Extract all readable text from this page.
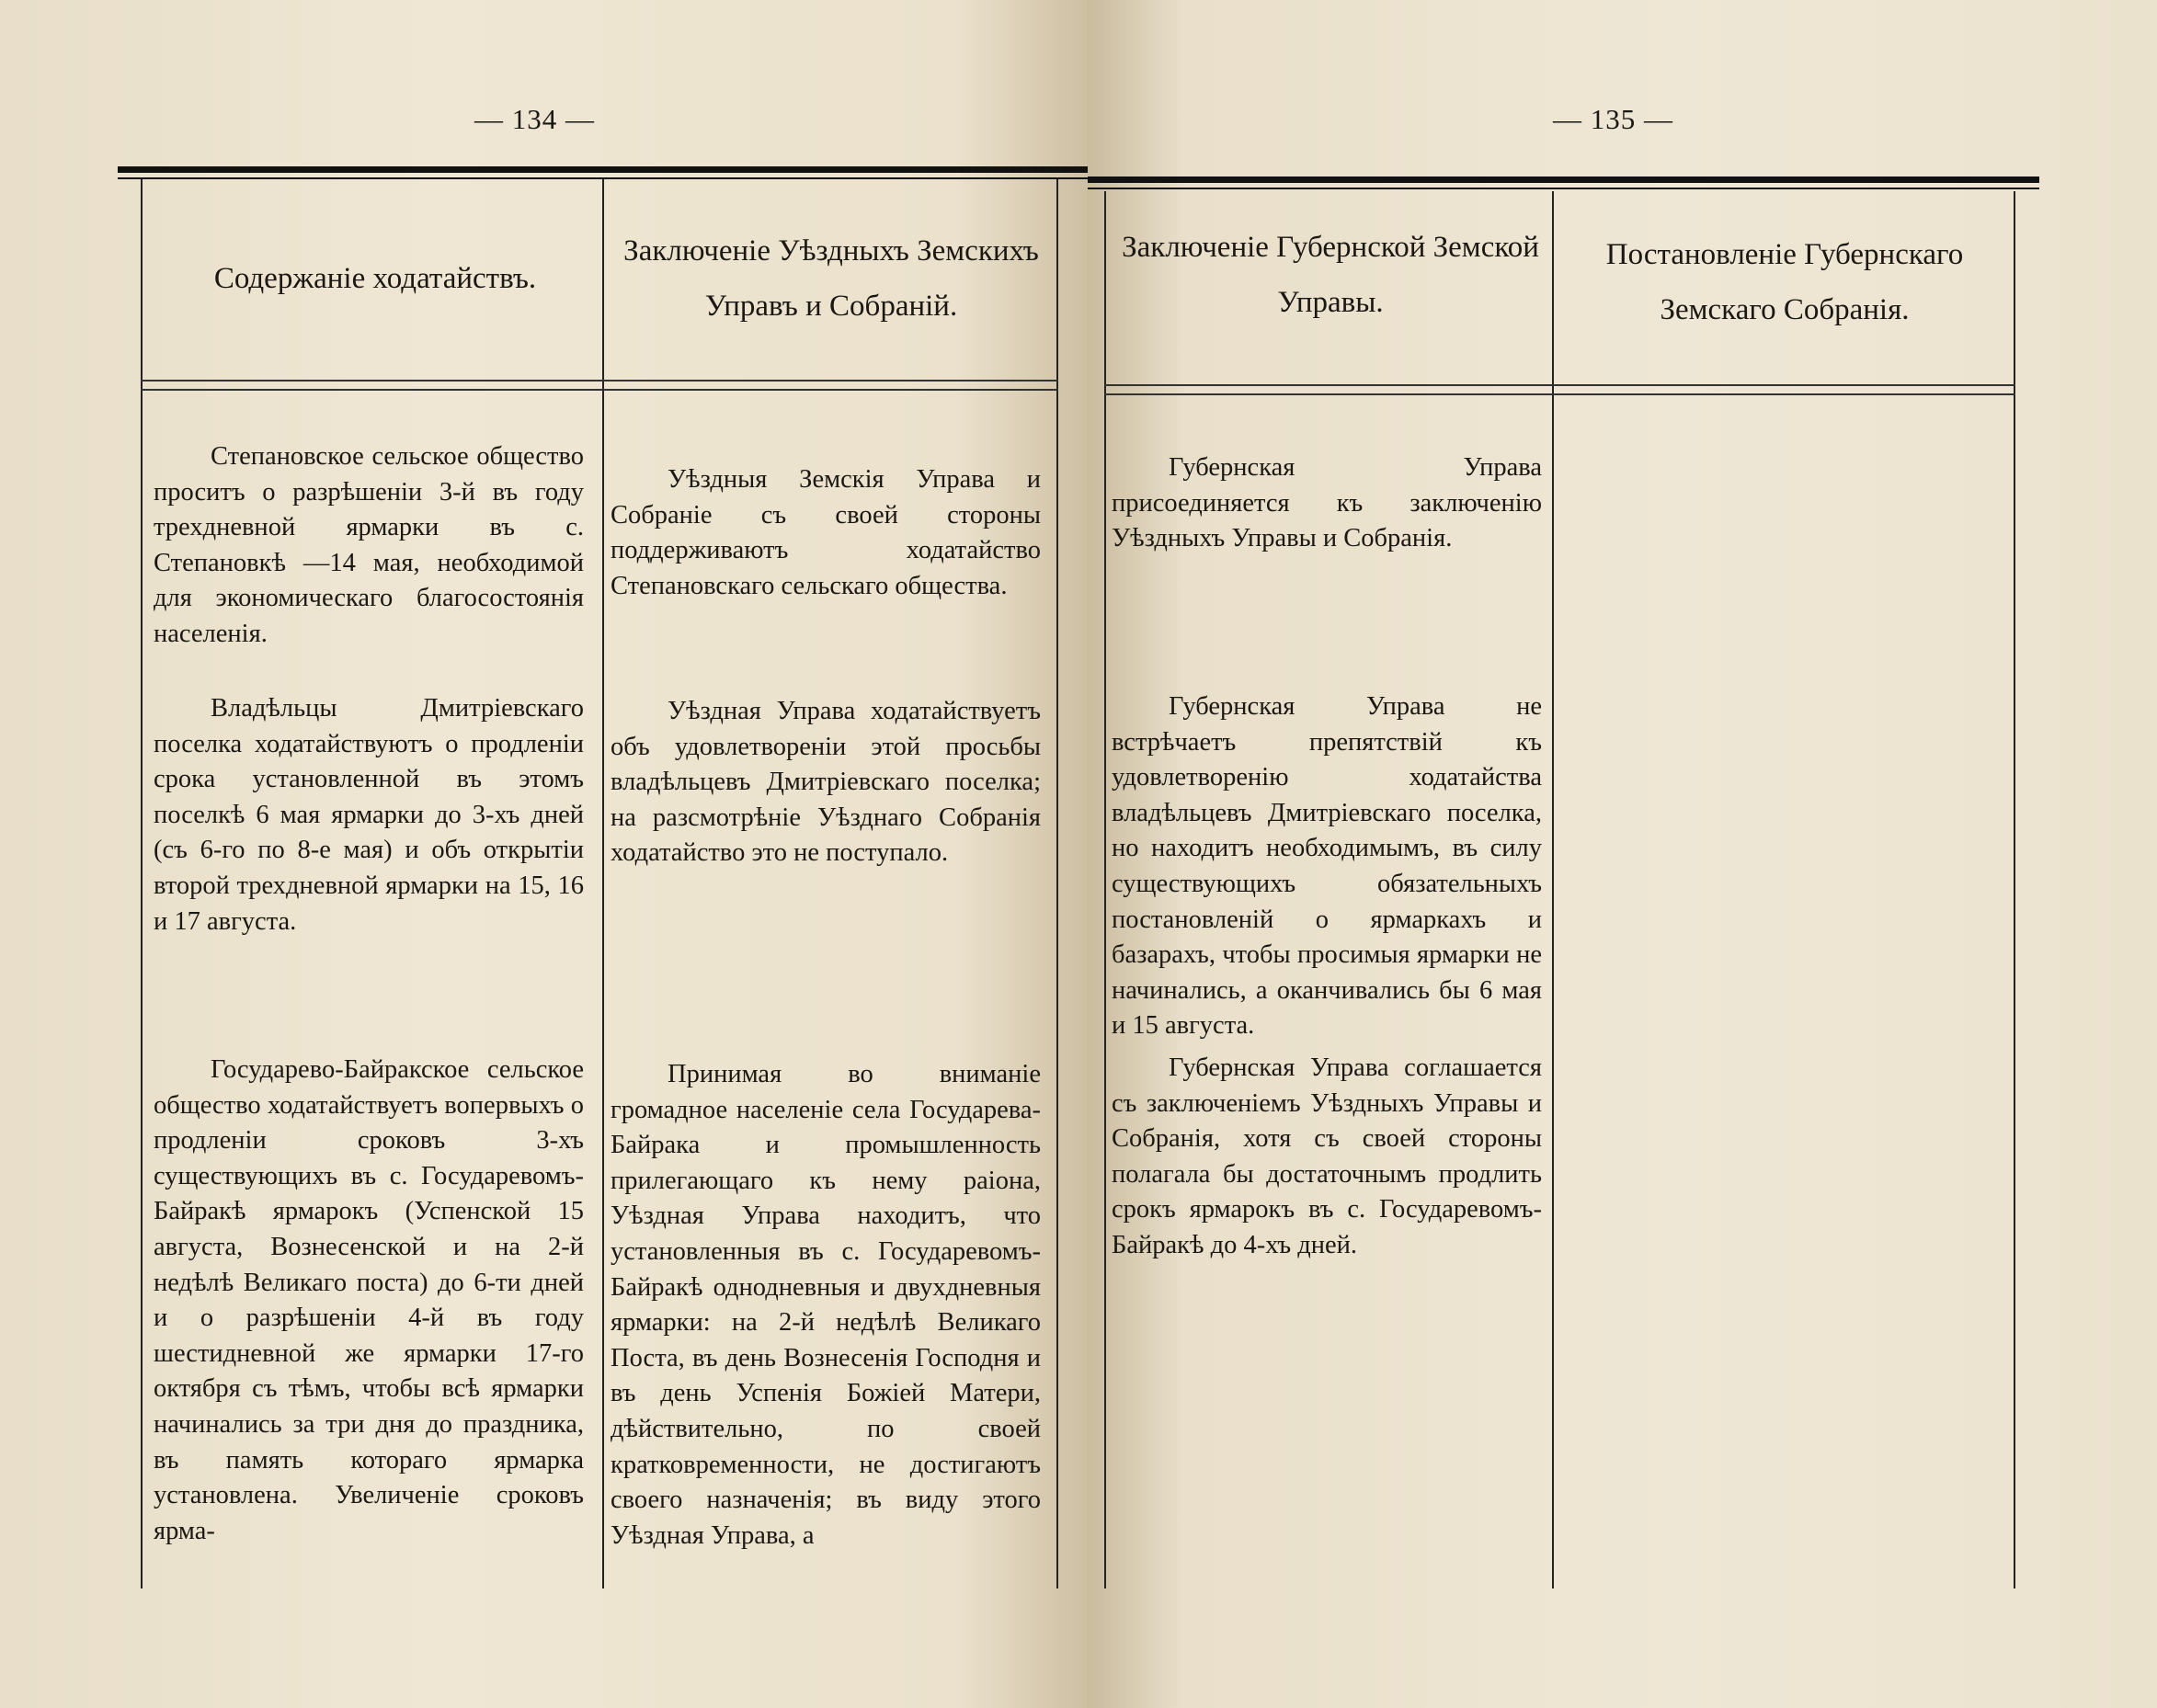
— 134 —
Содержаніе ходатайствъ.
Заключеніе Уѣздныхъ Земскихъ Управъ и Собраній.
Степановское сельское общество проситъ о разрѣшеніи 3-й въ году трехдневной ярмарки въ с. Степановкѣ —14 мая, необходимой для экономическаго благосостоянія населенія.
Уѣздныя Земскія Управа и Собраніе съ своей стороны поддерживаютъ ходатайство Степановскаго сельскаго общества.
Владѣльцы Дмитріевскаго поселка ходатайствуютъ о продленіи срока установленной въ этомъ поселкѣ 6 мая ярмарки до 3-хъ дней (съ 6-го по 8-е мая) и объ открытіи второй трехдневной ярмарки на 15, 16 и 17 августа.
Уѣздная Управа ходатайствуетъ объ удовлетвореніи этой просьбы владѣльцевъ Дмитріевскаго поселка; на разсмотрѣніе Уѣзднаго Собранія ходатайство это не поступало.
Государево-Байракское сельское общество ходатайствуетъ вопервыхъ о продленіи сроковъ 3-хъ существующихъ въ с. Государевомъ-Байракѣ ярмарокъ (Успенской 15 августа, Вознесенской и на 2-й недѣлѣ Великаго поста) до 6-ти дней и о разрѣшеніи 4-й въ году шестидневной же ярмарки 17-го октября съ тѣмъ, чтобы всѣ ярмарки начинались за три дня до праздника, въ память котораго ярмарка установлена. Увеличеніе сроковъ ярма-
Принимая во вниманіе громадное населеніе села Государева-Байрака и промышленность прилегающаго къ нему раіона, Уѣздная Управа находитъ, что установленныя въ с. Государевомъ-Байракѣ однодневныя и двухдневныя ярмарки: на 2-й недѣлѣ Великаго Поста, въ день Вознесенія Господня и въ день Успенія Божіей Матери, дѣйствительно, по своей кратковременности, не достигаютъ своего назначенія; въ виду этого Уѣздная Управа, а
— 135 —
Заключеніе Губернской Земской Управы.
Постановленіе Губернскаго Земскаго Собранія.
Губернская Управа присоединяется къ заключенію Уѣздныхъ Управы и Собранія.
Губернская Управа не встрѣчаетъ препятствій къ удовлетворенію ходатайства владѣльцевъ Дмитріевскаго поселка, но находитъ необходимымъ, въ силу существующихъ обязательныхъ постановленій о ярмаркахъ и базарахъ, чтобы просимыя ярмарки не начинались, а оканчивались бы 6 мая и 15 августа.
Губернская Управа соглашается съ заключеніемъ Уѣздныхъ Управы и Собранія, хотя съ своей стороны полагала бы достаточнымъ продлить срокъ ярмарокъ въ с. Государевомъ-Байракѣ до 4-хъ дней.
